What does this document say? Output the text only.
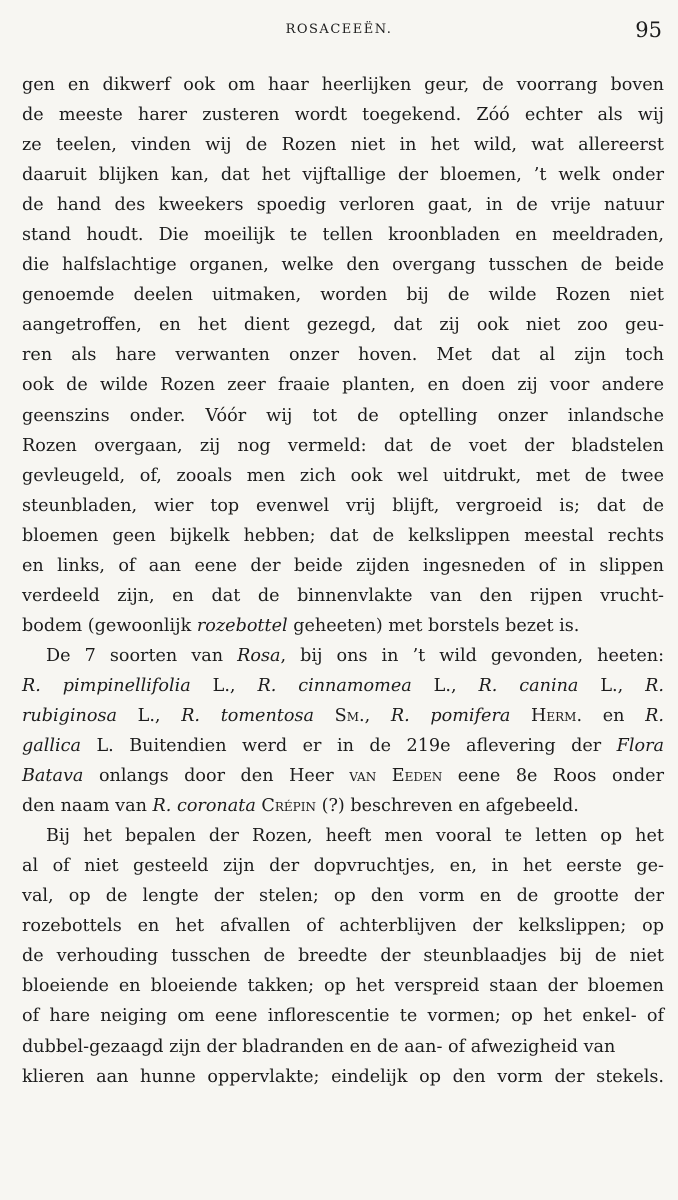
ROSACEEËN.	95
gen en dikwerf ook om haar heerlijken geur, de voorrang boven
de meeste harer zusteren wordt toegekend. Zóó echter als wij
ze teelen, vinden wij de Rozen niet in het wild, wat allereerst
daaruit blijken kan, dat het vijftallige der bloemen, ’t welk onder
de hand des kweekers spoedig verloren gaat, in de vrije natuur
stand houdt. Die moeilijk te tellen kroonbladen en meeldraden,
die halfslachtige organen, welke den overgang tusschen de beide
genoemde deelen uitmaken, worden bij de wilde Rozen niet
aangetroffen, en het dient gezegd, dat zij ook niet zoo geu-
ren als hare verwanten onzer hoven. Met dat al zijn toch
ook de wilde Rozen zeer fraaie planten, en doen zij voor andere
geenszins onder. Vóór wij tot de optelling onzer inlandsche
Rozen overgaan, zij nog vermeld: dat de voet der bladstelen
gevleugeld, of, zooals men zich ook wel uitdrukt, met de twee
steunbladen, wier top evenwel vrij blijft, vergroeid is; dat de
bloemen geen bijkelk hebben; dat de kelkslippen meestal rechts
en links, of aan eene der beide zijden ingesneden of in slippen
verdeeld zijn, en dat de binnenvlakte van den rijpen vrucht-
bodem (gewoonlijk rozebottel geheeten) met borstels bezet is.
De 7 soorten van Rosa, bij ons in ’t wild gevonden, heeten:
R. pimpinellifolia L., R. cinnamomea L., R. canina L., R.
rubiginosa L., R. tomentosa Sm., R. pomifera Herm. en R.
gallica L. Buitendien werd er in de 219e aflevering der Flora
Batava onlangs door den Heer van Eeden eene 8e Roos onder
den naam van R. coronata Crépin (?) beschreven en afgebeeld.
Bij het bepalen der Rozen, heeft men vooral te letten op het
al of niet gesteeld zijn der dopvruchtjes, en, in het eerste ge-
val, op de lengte der stelen; op den vorm en de grootte der
rozebottels en het afvallen of achterblijven der kelkslippen; op
de verhouding tusschen de breedte der steunblaadjes bij de niet
bloeiende en bloeiende takken; op het verspreid staan der bloemen
of hare neiging om eene inflorescentie te vormen; op het enkel- of
dubbel-gezaagd zijn der bladranden en de aan- of afwezigheid van
klieren aan hunne oppervlakte; eindelijk op den vorm der stekels.
